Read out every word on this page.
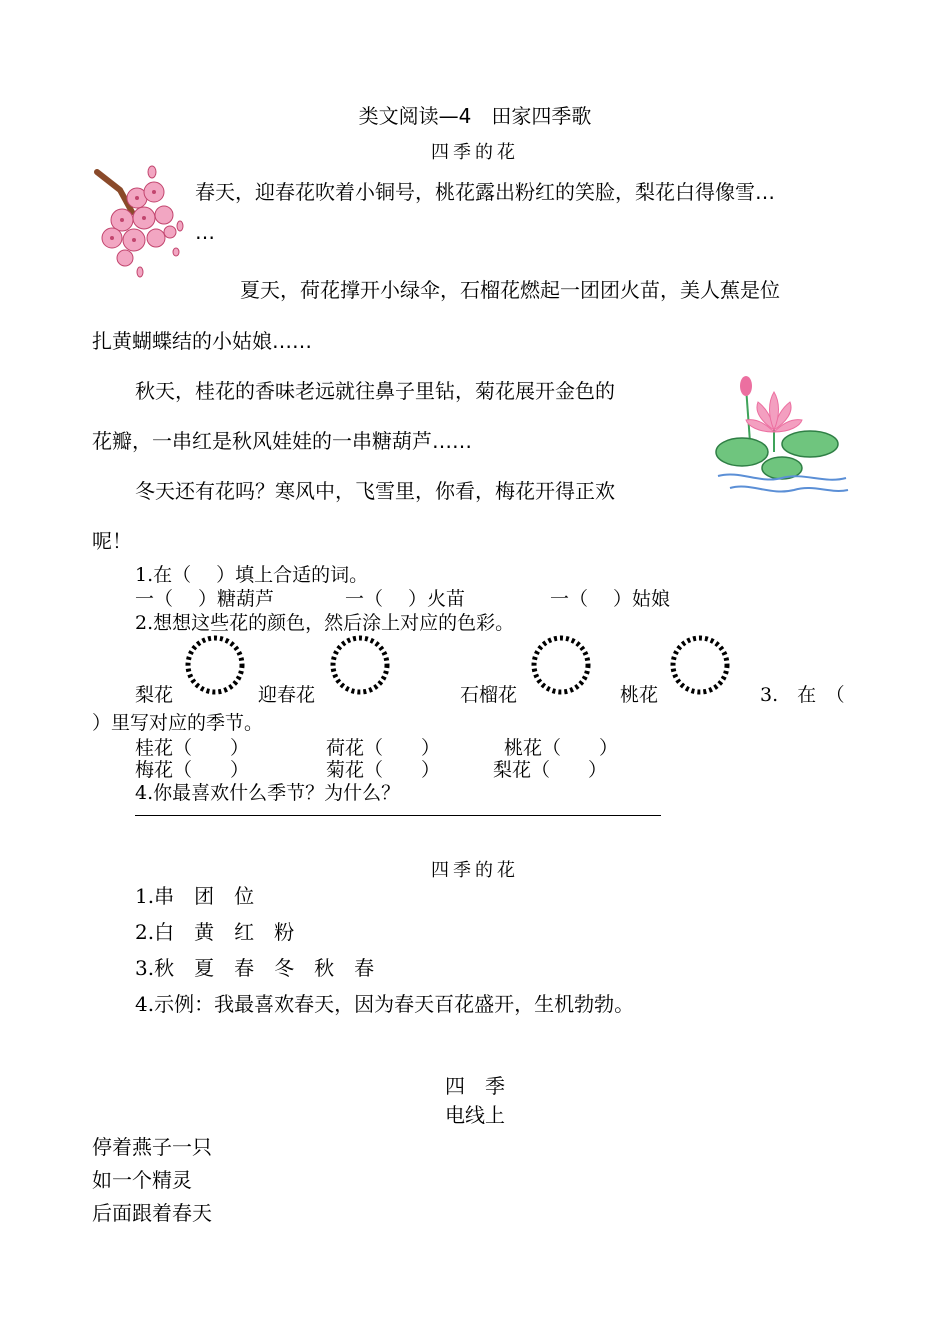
类文阅读—4　田家四季歌
四季的花
春天，迎春花吹着小铜号，桃花露出粉红的笑脸，梨花白得像雪…
…
夏天，荷花撑开小绿伞，石榴花燃起一团团火苗，美人蕉是位
扎黄蝴蝶结的小姑娘……
秋天，桂花的香味老远就往鼻子里钻，菊花展开金色的
花瓣，一串红是秋风娃娃的一串糖葫芦……
冬天还有花吗？寒风中，飞雪里，你看，梅花开得正欢
呢！
1.在（　 ）填上合适的词。
一（　 ）糖葫芦	一（　 ）火苗	一（　 ）姑娘
2.想想这些花的颜色，然后涂上对应的色彩。
梨花	迎春花	石榴花	桃花	3.　在　（
）里写对应的季节。
桂花（　　）	荷花（　　）	桃花（　　）
梅花（　　）	菊花（　　）	梨花（　　）
4.你最喜欢什么季节？为什么？
四季的花
1.串　团　位
2.白　黄　红　粉
3.秋　夏　春　冬　秋　春
4.示例：我最喜欢春天，因为春天百花盛开，生机勃勃。
四　季
电线上
停着燕子一只
如一个精灵
后面跟着春天
